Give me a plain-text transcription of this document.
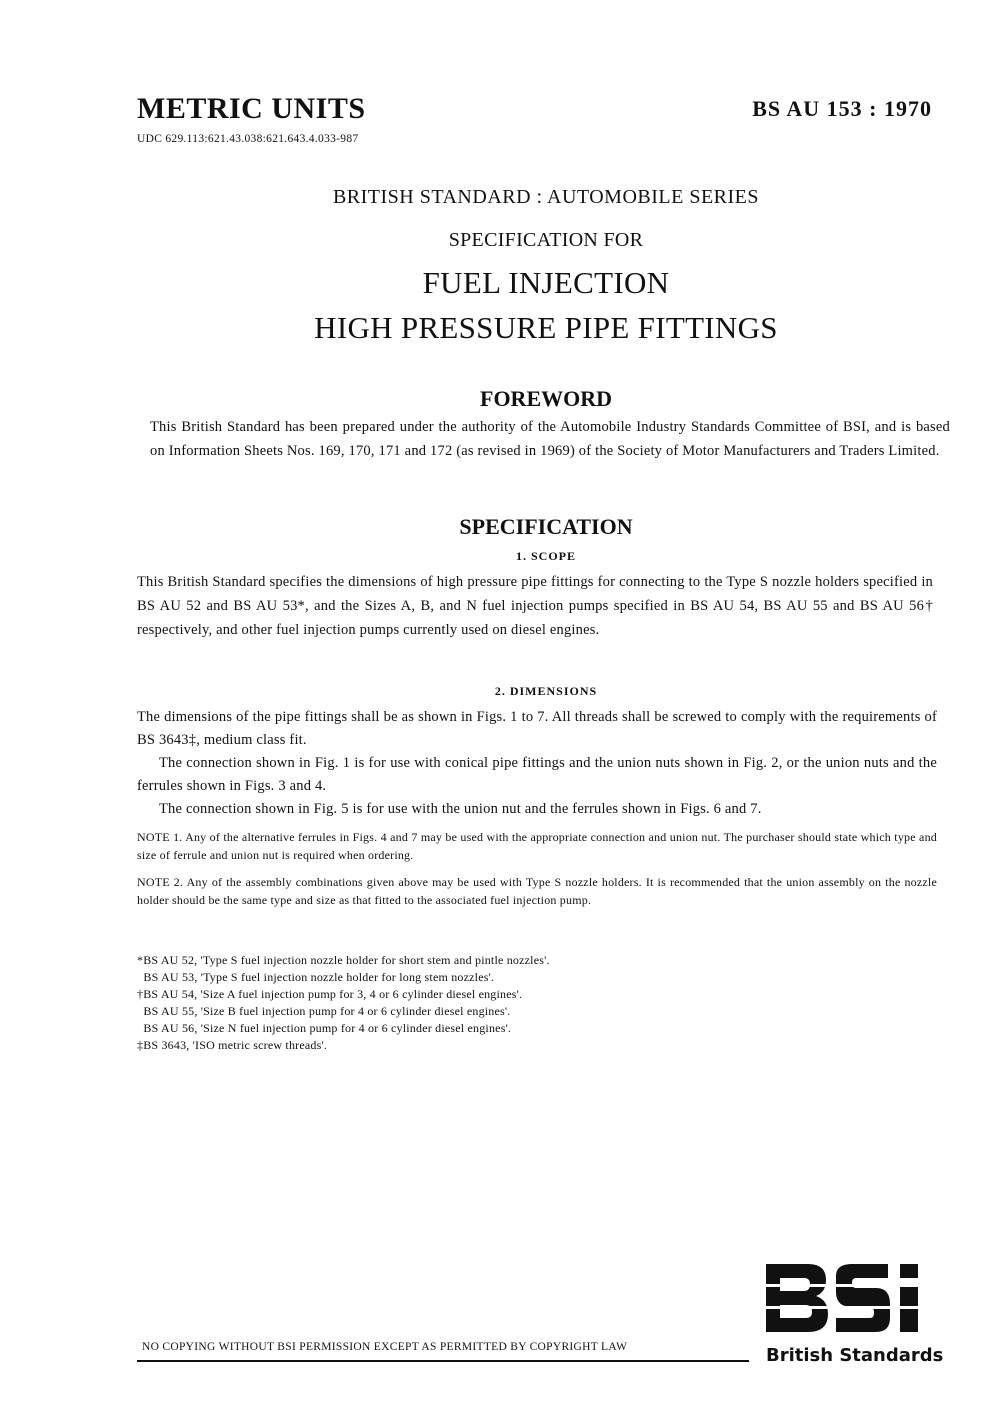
METRIC UNITS
UDC 629.113:621.43.038:621.643.4.033-987
BS AU 153 : 1970
BRITISH STANDARD : AUTOMOBILE SERIES
SPECIFICATION FOR
FUEL INJECTION
HIGH PRESSURE PIPE FITTINGS
FOREWORD
This British Standard has been prepared under the authority of the Automobile Industry Standards Committee of BSI, and is based on Information Sheets Nos. 169, 170, 171 and 172 (as revised in 1969) of the Society of Motor Manufacturers and Traders Limited.
SPECIFICATION
1. SCOPE
This British Standard specifies the dimensions of high pressure pipe fittings for connecting to the Type S nozzle holders specified in BS AU 52 and BS AU 53*, and the Sizes A, B, and N fuel injection pumps specified in BS AU 54, BS AU 55 and BS AU 56† respectively, and other fuel injection pumps currently used on diesel engines.
2. DIMENSIONS

The dimensions of the pipe fittings shall be as shown in Figs. 1 to 7. All threads shall be screwed to comply with the requirements of BS 3643‡, medium class fit.

The connection shown in Fig. 1 is for use with conical pipe fittings and the union nuts shown in Fig. 2, or the union nuts and the ferrules shown in Figs. 3 and 4.

The connection shown in Fig. 5 is for use with the union nut and the ferrules shown in Figs. 6 and 7.

NOTE 1. Any of the alternative ferrules in Figs. 4 and 7 may be used with the appropriate connection and union nut. The purchaser should state which type and size of ferrule and union nut is required when ordering.

NOTE 2. Any of the assembly combinations given above may be used with Type S nozzle holders. It is recommended that the union assembly on the nozzle holder should be the same type and size as that fitted to the associated fuel injection pump.

*BS AU 52, 'Type S fuel injection nozzle holder for short stem and pintle nozzles'.
BS AU 53, 'Type S fuel injection nozzle holder for long stem nozzles'.
†BS AU 54, 'Size A fuel injection pump for 3, 4 or 6 cylinder diesel engines'.
BS AU 55, 'Size B fuel injection pump for 4 or 6 cylinder diesel engines'.
BS AU 56, 'Size N fuel injection pump for 4 or 6 cylinder diesel engines'.
‡BS 3643, 'ISO metric screw threads'.
NO COPYING WITHOUT BSI PERMISSION EXCEPT AS PERMITTED BY COPYRIGHT LAW	British Standards
